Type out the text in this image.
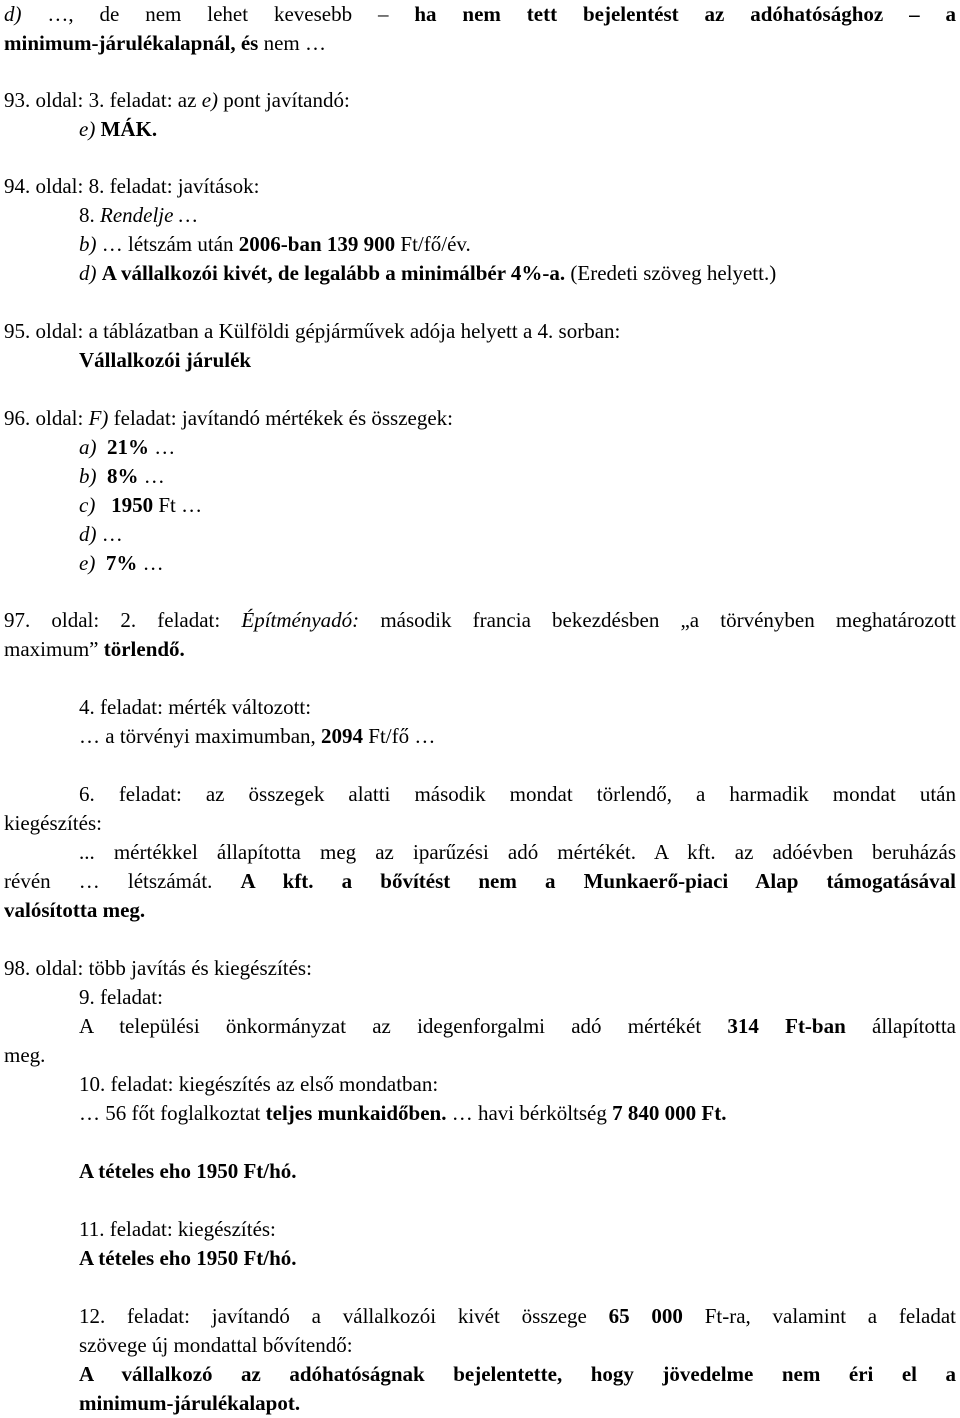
d) …, de nem lehet kevesebb – ha nem tett bejelentést az adóhatósághoz – a
minimum-járulékalapnál, és nem …
93. oldal: 3. feladat: az e) pont javítandó:
e) MÁK.
94. oldal: 8. feladat: javítások:
8. Rendelje …
b) … létszám után 2006-ban 139 900 Ft/fő/év.
d) A vállalkozói kivét, de legalább a minimálbér 4%-a. (Eredeti szöveg helyett.)
95. oldal: a táblázatban a Külföldi gépjárművek adója helyett a 4. sorban:
Vállalkozói járulék
96. oldal: F) feladat: javítandó mértékek és összegek:
a) 21% …
b) 8% …
c) 1950 Ft …
d) …
e) 7% …
97. oldal: 2. feladat: Építményadó: második francia bekezdésben „a törvényben meghatározott
maximum” törlendő.
4. feladat: mérték változott:
… a törvényi maximumban, 2094 Ft/fő …
6. feladat: az összegek alatti második mondat törlendő, a harmadik mondat után
kiegészítés:
... mértékkel állapította meg az iparűzési adó mértékét. A kft. az adóévben beruházás
révén … létszámát. A kft. a bővítést nem a Munkaerő-piaci Alap támogatásával
valósította meg.
98. oldal: több javítás és kiegészítés:
9. feladat:
A települési önkormányzat az idegenforgalmi adó mértékét 314 Ft-ban állapította
meg.
10. feladat: kiegészítés az első mondatban:
… 56 főt foglalkoztat teljes munkaidőben. … havi bérköltség 7 840 000 Ft.
A tételes eho 1950 Ft/hó.
11. feladat: kiegészítés:
A tételes eho 1950 Ft/hó.
12. feladat: javítandó a vállalkozói kivét összege 65 000 Ft-ra, valamint a feladat
szövege új mondattal bővítendő:
A vállalkozó az adóhatóságnak bejelentette, hogy jövedelme nem éri el a
minimum-járulékalapot.
